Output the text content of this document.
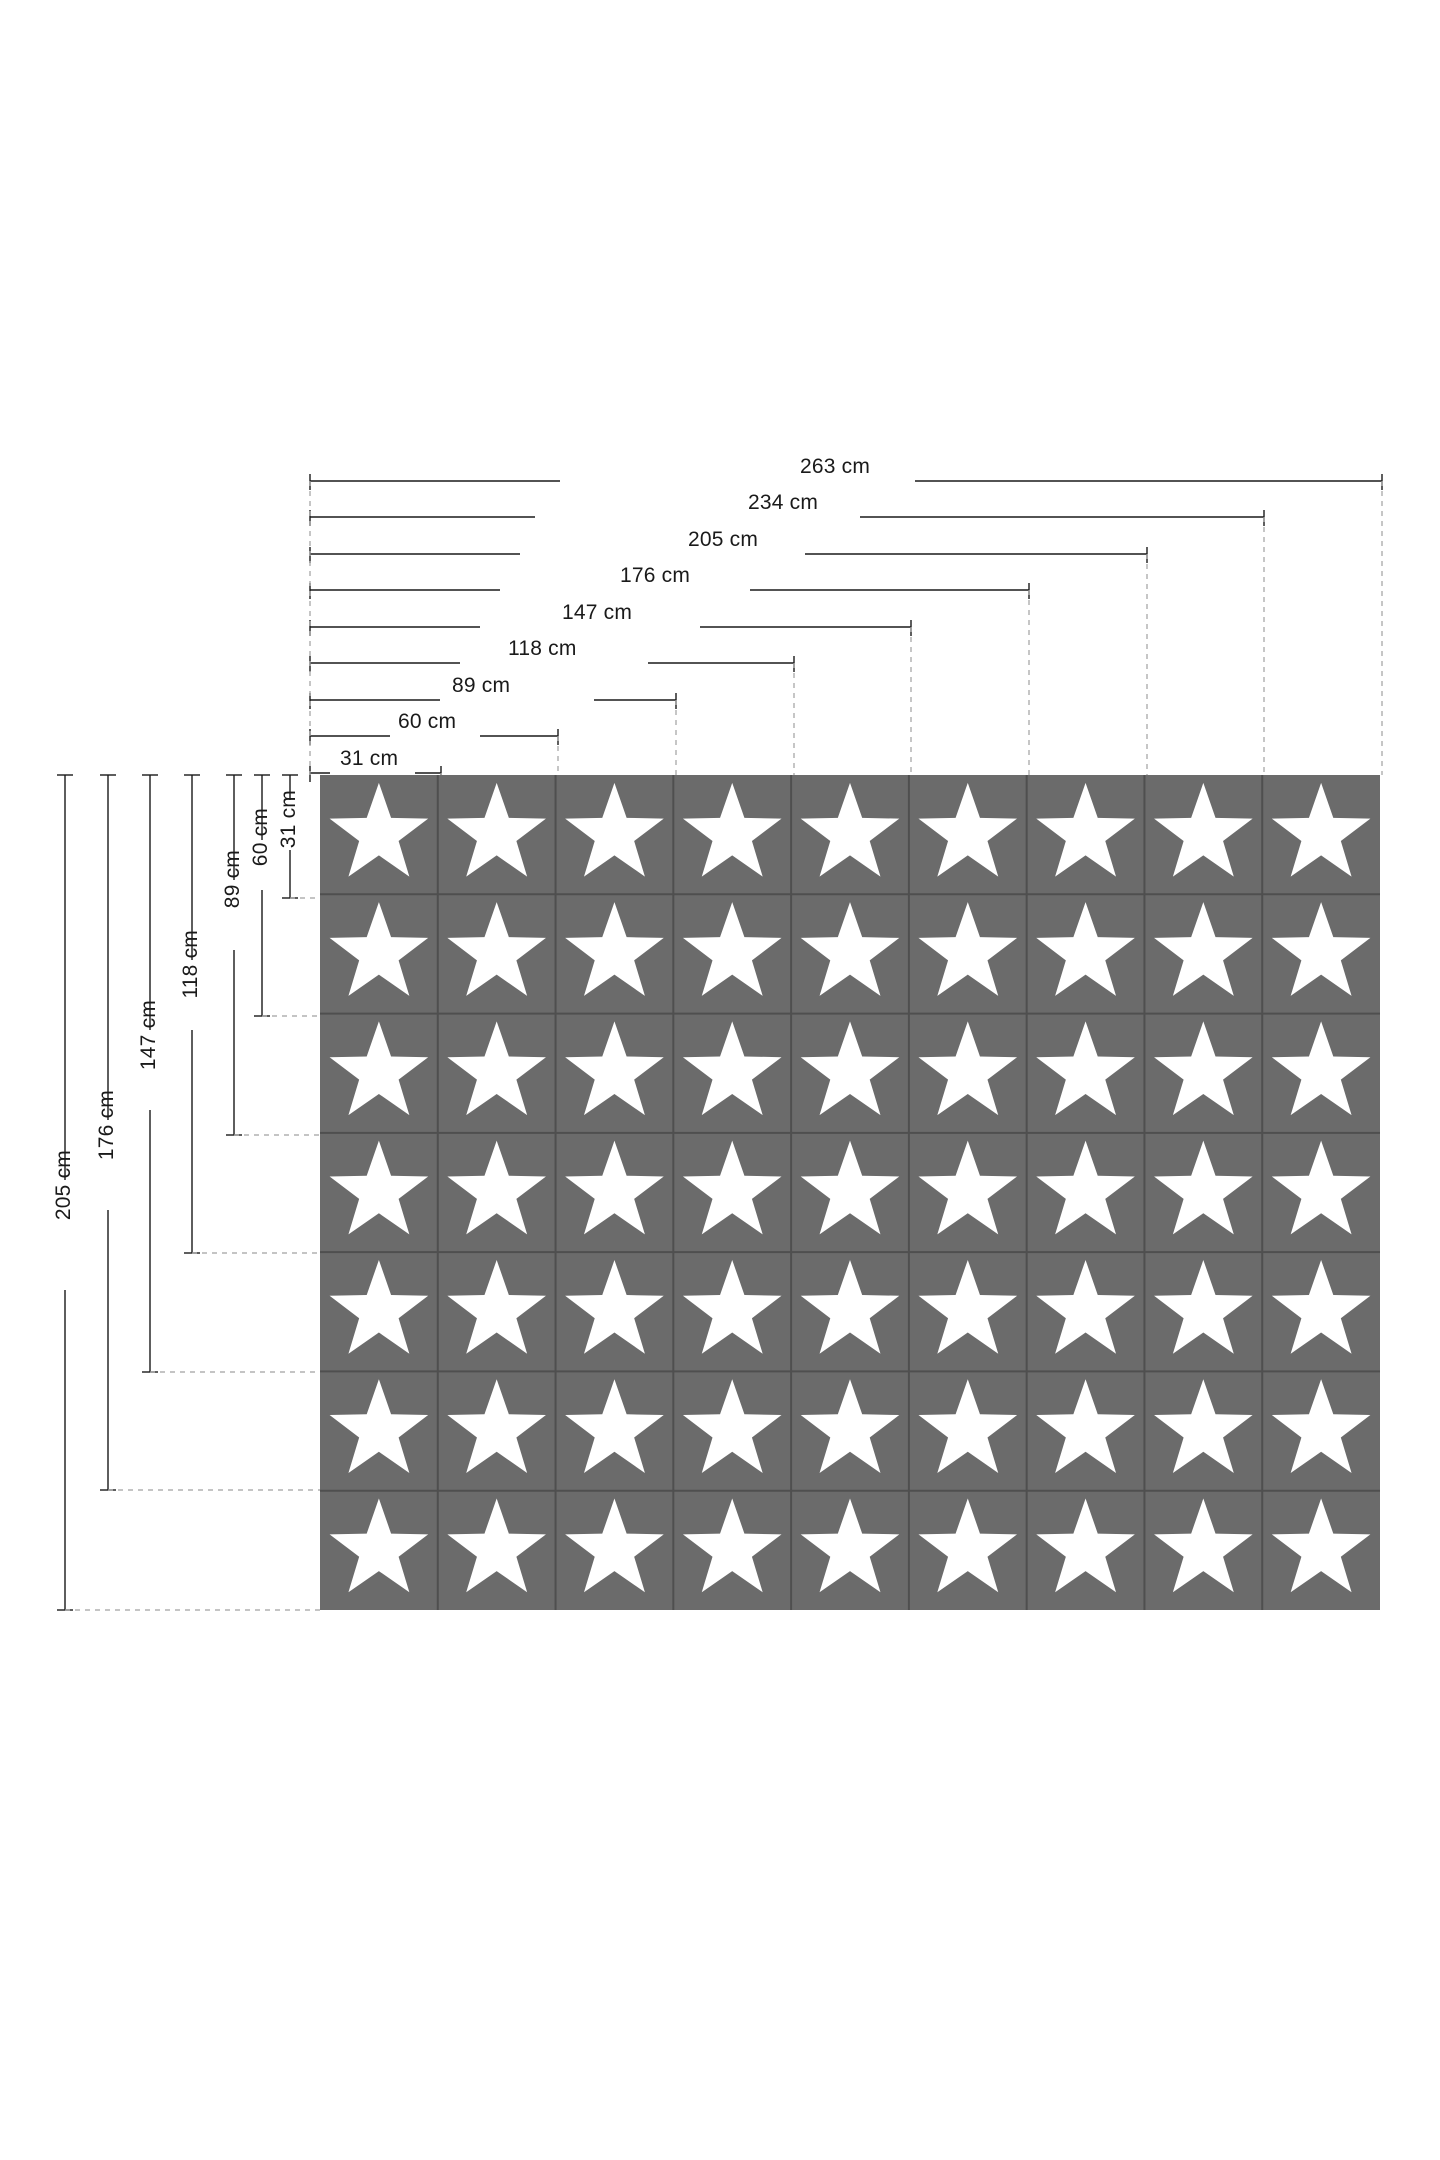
263 cm
234 cm
205 cm
176 cm
147 cm
118 cm
89 cm
60 cm
31 cm
205 cm
176 cm
147 cm
118 cm
89 cm
60 cm 31 cm
